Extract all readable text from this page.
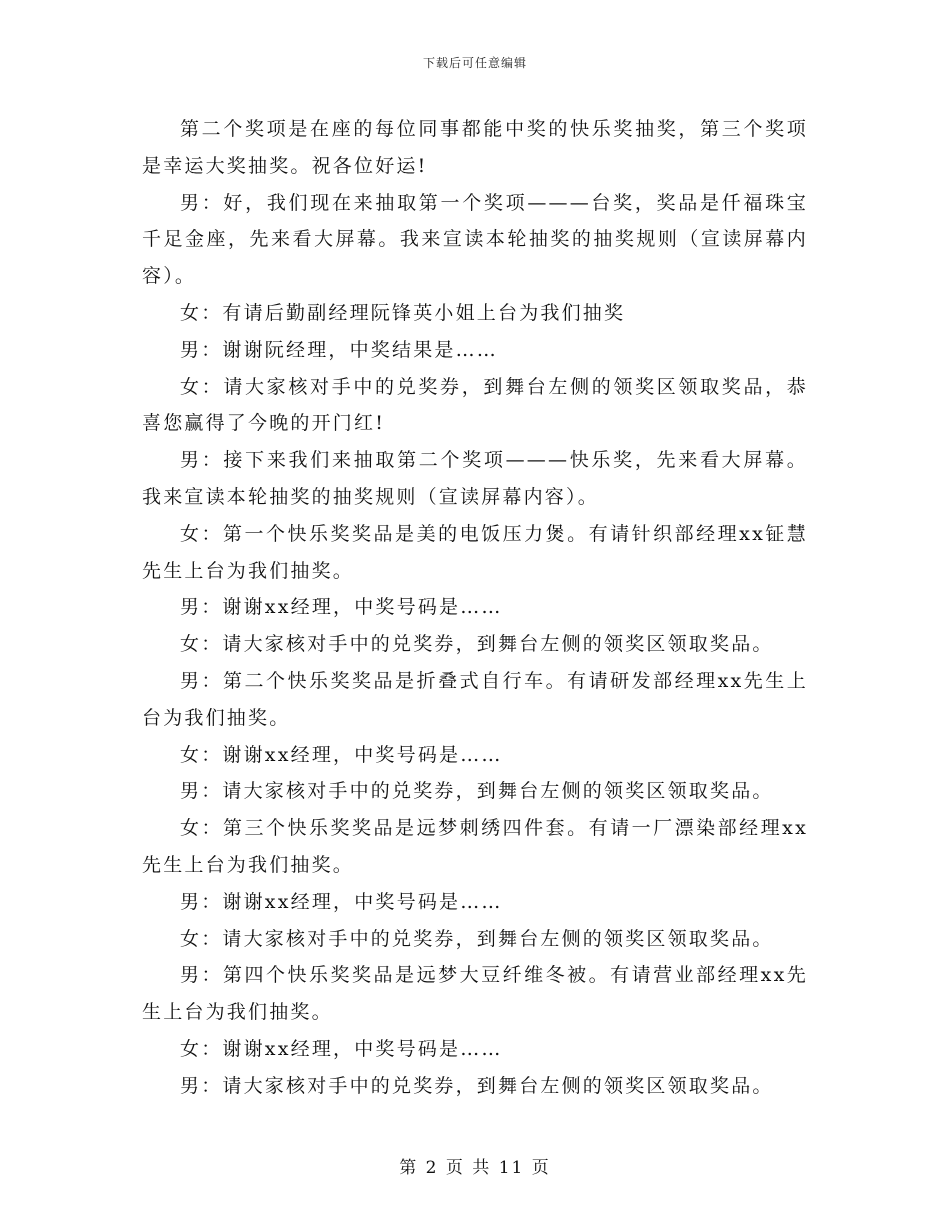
下载后可任意编辑

第二个奖项是在座的每位同事都能中奖的快乐奖抽奖，第三个奖项是幸运大奖抽奖。祝各位好运!

男：好，我们现在来抽取第一个奖项———台奖，奖品是仟福珠宝千足金座，先来看大屏幕。我来宣读本轮抽奖的抽奖规则（宣读屏幕内容）。

女：有请后勤副经理阮锋英小姐上台为我们抽奖

男：谢谢阮经理，中奖结果是……

女：请大家核对手中的兑奖券，到舞台左侧的领奖区领取奖品，恭喜您赢得了今晚的开门红!

男：接下来我们来抽取第二个奖项———快乐奖，先来看大屏幕。我来宣读本轮抽奖的抽奖规则（宣读屏幕内容）。

女：第一个快乐奖奖品是美的电饭压力煲。有请针织部经理xx钲慧先生上台为我们抽奖。

男：谢谢xx经理，中奖号码是……

女：请大家核对手中的兑奖券，到舞台左侧的领奖区领取奖品。

男：第二个快乐奖奖品是折叠式自行车。有请研发部经理xx先生上台为我们抽奖。

女：谢谢xx经理，中奖号码是……

男：请大家核对手中的兑奖券，到舞台左侧的领奖区领取奖品。

女：第三个快乐奖奖品是远梦刺绣四件套。有请一厂漂染部经理xx先生上台为我们抽奖。

男：谢谢xx经理，中奖号码是……

女：请大家核对手中的兑奖券，到舞台左侧的领奖区领取奖品。

男：第四个快乐奖奖品是远梦大豆纤维冬被。有请营业部经理xx先生上台为我们抽奖。

女：谢谢xx经理，中奖号码是……

男：请大家核对手中的兑奖券，到舞台左侧的领奖区领取奖品。

第 2 页 共 11 页
